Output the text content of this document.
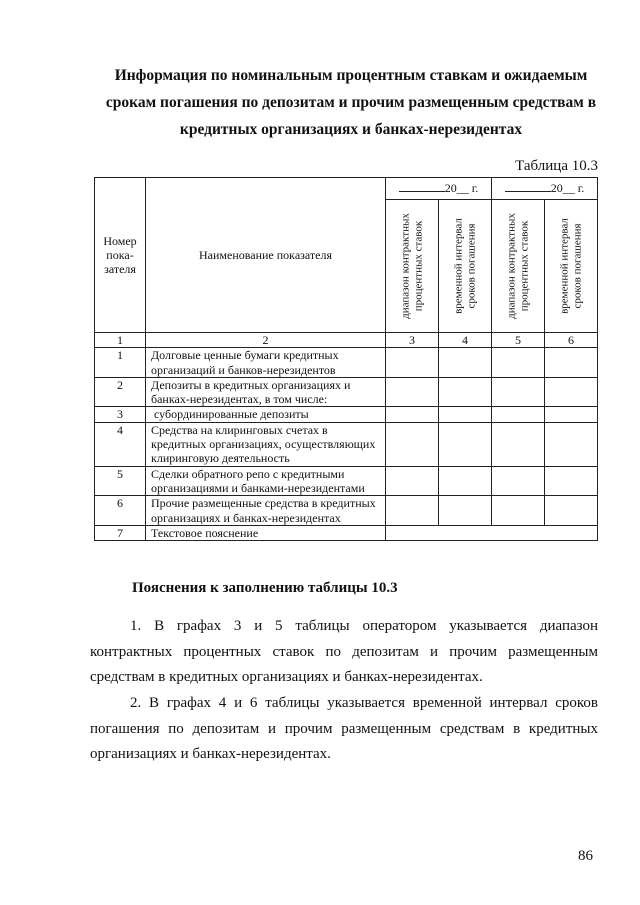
Информация по номинальным процентным ставкам и ожидаемым
срокам погашения по депозитам и прочим размещенным средствам в
кредитных организациях и банках-нерезидентах
Таблица 10.3
Номер пока-зателя	Наименование показателя	20__ г.		20__ г.	

		диапазон контрактных процентных ставок	временной интервал сроков погашения	диапазон контрактных процентных ставок	временной интервал сроков погашения

1	2	3	4	5	6
1	Долговые ценные бумаги кредитных организаций и банков-нерезидентов				
2	Депозиты в кредитных организациях и банках-нерезидентах, в том числе:				
3	субординированные депозиты				
4	Средства на клиринговых счетах в кредитных организациях, осуществляющих клиринговую деятельность				
5	Сделки обратного репо с кредитными организациями и банками-нерезидентами				
6	Прочие размещенные средства в кредитных организациях и банках-нерезидентах				
7	Текстовое пояснение				
Пояснения к заполнению таблицы 10.3
1. В графах 3 и 5 таблицы оператором указывается диапазон контрактных процентных ставок по депозитам и прочим размещенным средствам в кредитных организациях и банках-нерезидентах.
2. В графах 4 и 6 таблицы указывается временной интервал сроков погашения по депозитам и прочим размещенным средствам в кредитных организациях и банках-нерезидентах.
86
